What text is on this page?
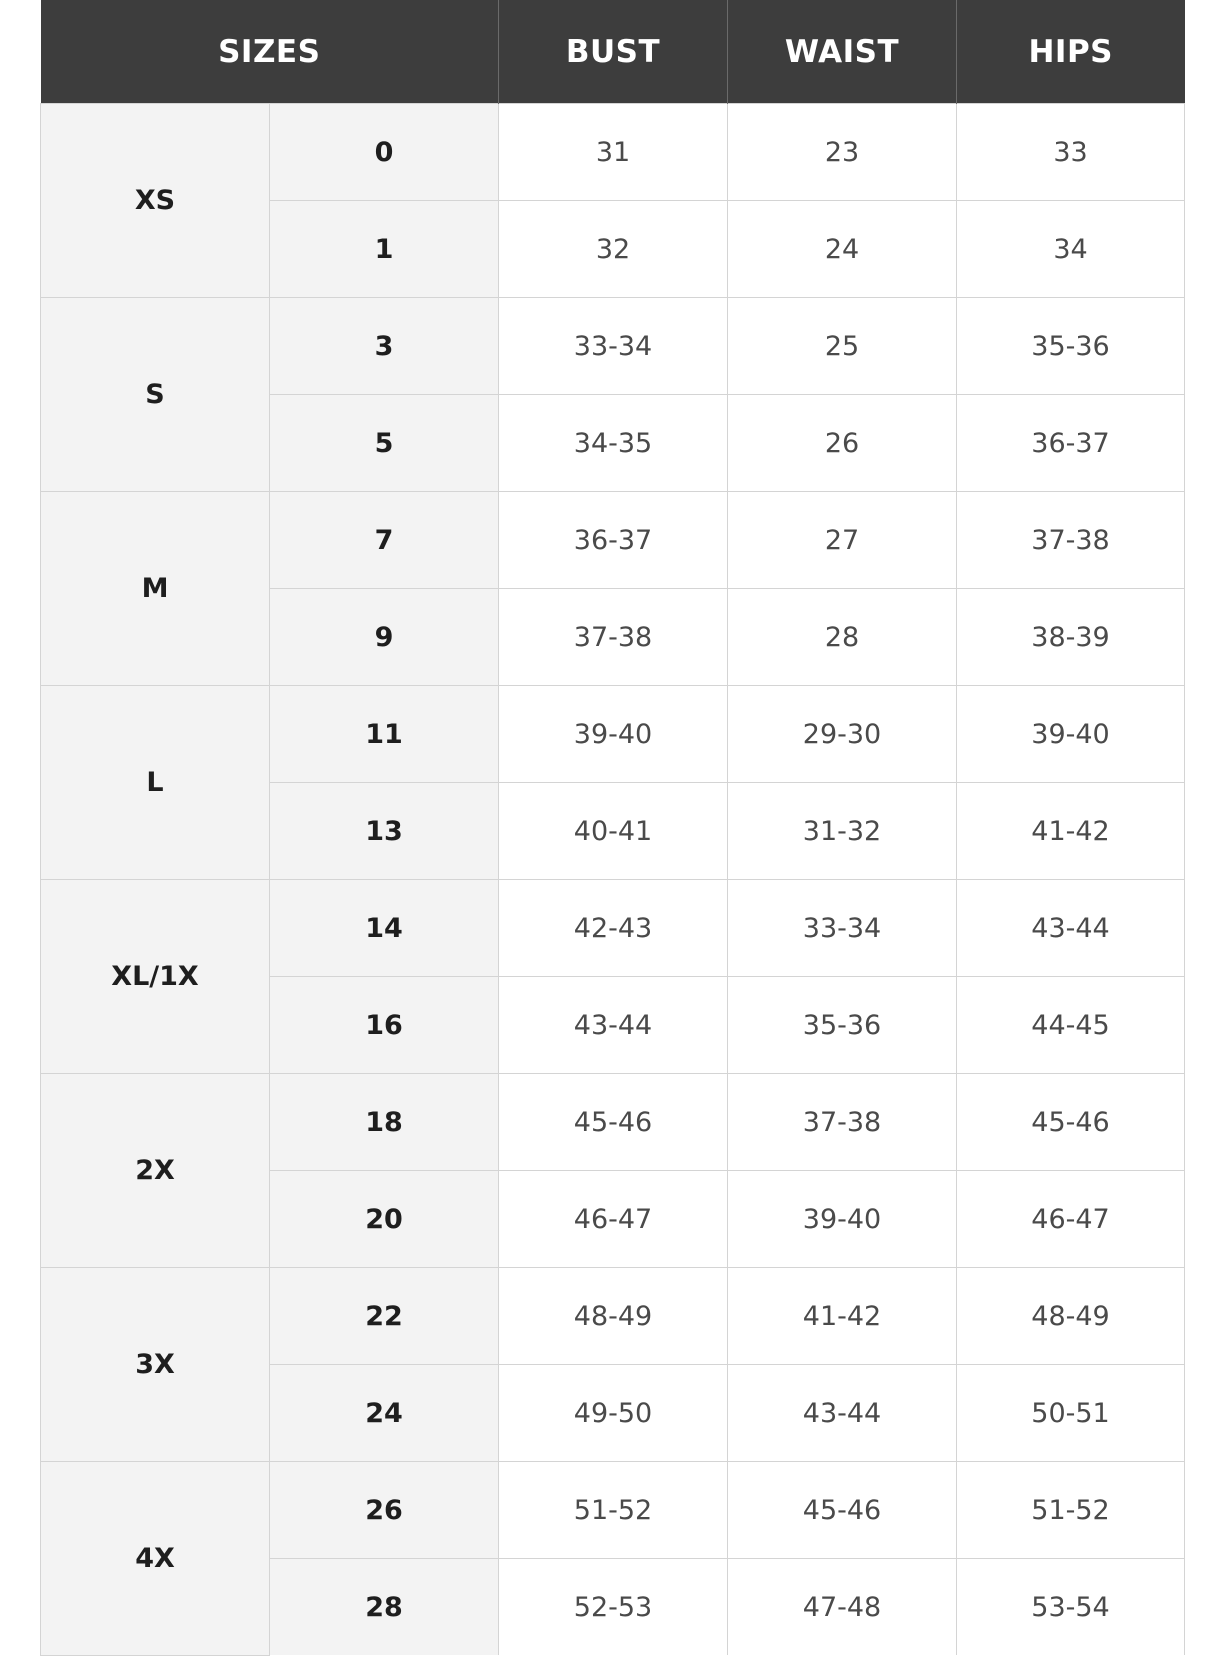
SIZES		BUST	WAIST	HIPS
XS	0	31	23	33
	1	32	24	34
S	3	33-34	25	35-36
	5	34-35	26	36-37
M	7	36-37	27	37-38
	9	37-38	28	38-39
L	11	39-40	29-30	39-40
	13	40-41	31-32	41-42
XL/1X	14	42-43	33-34	43-44
	16	43-44	35-36	44-45
2X	18	45-46	37-38	45-46
	20	46-47	39-40	46-47
3X	22	48-49	41-42	48-49
	24	49-50	43-44	50-51
4X	26	51-52	45-46	51-52
	28	52-53	47-48	53-54
